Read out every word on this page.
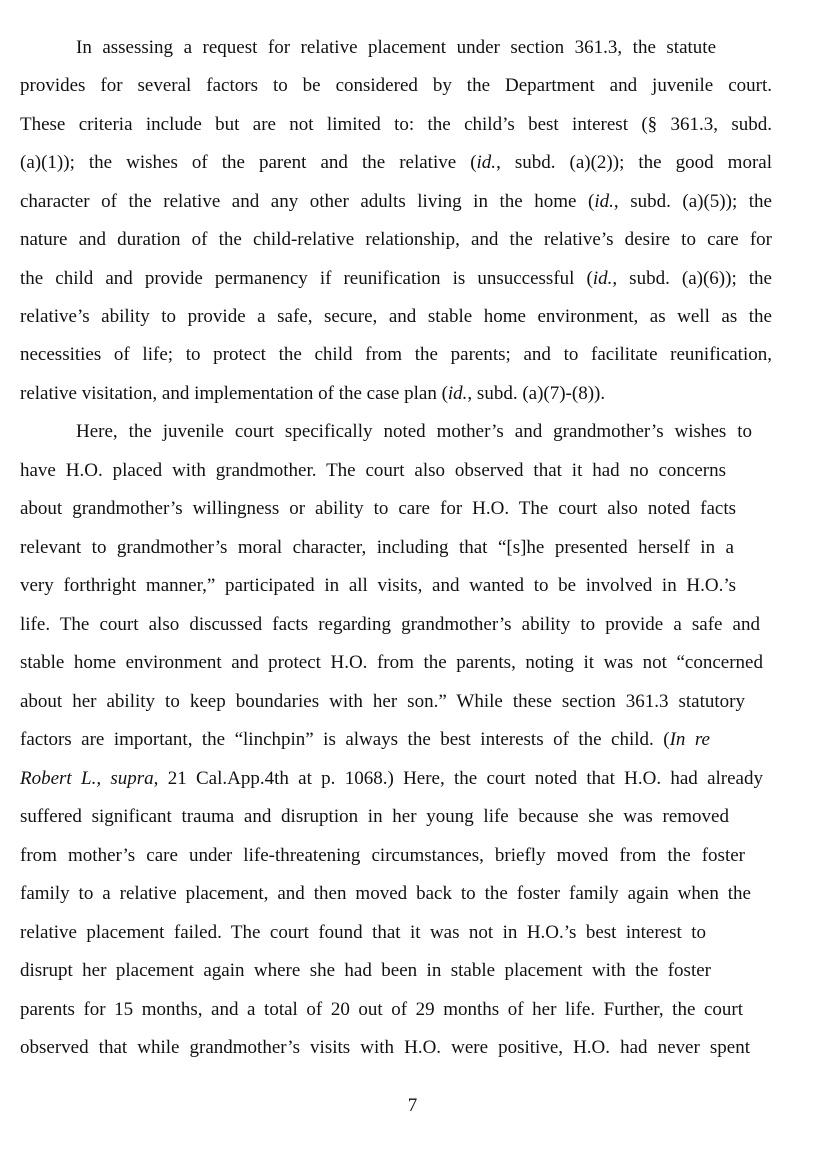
In assessing a request for relative placement under section 361.3, the statute
provides for several factors to be considered by the Department and juvenile court.
These criteria include but are not limited to: the child’s best interest (§ 361.3, subd.
(a)(1)); the wishes of the parent and the relative (id., subd. (a)(2)); the good moral
character of the relative and any other adults living in the home (id., subd. (a)(5)); the
nature and duration of the child-relative relationship, and the relative’s desire to care for
the child and provide permanency if reunification is unsuccessful (id., subd. (a)(6)); the
relative’s ability to provide a safe, secure, and stable home environment, as well as the
necessities of life; to protect the child from the parents; and to facilitate reunification,
relative visitation, and implementation of the case plan (id., subd. (a)(7)-(8)).
Here, the juvenile court specifically noted mother’s and grandmother’s wishes to
have H.O. placed with grandmother. The court also observed that it had no concerns
about grandmother’s willingness or ability to care for H.O. The court also noted facts
relevant to grandmother’s moral character, including that “[s]he presented herself in a
very forthright manner,” participated in all visits, and wanted to be involved in H.O.’s
life. The court also discussed facts regarding grandmother’s ability to provide a safe and
stable home environment and protect H.O. from the parents, noting it was not “concerned
about her ability to keep boundaries with her son.” While these section 361.3 statutory
factors are important, the “linchpin” is always the best interests of the child. (In re
Robert L., supra, 21 Cal.App.4th at p. 1068.) Here, the court noted that H.O. had already
suffered significant trauma and disruption in her young life because she was removed
from mother’s care under life-threatening circumstances, briefly moved from the foster
family to a relative placement, and then moved back to the foster family again when the
relative placement failed. The court found that it was not in H.O.’s best interest to
disrupt her placement again where she had been in stable placement with the foster
parents for 15 months, and a total of 20 out of 29 months of her life. Further, the court
observed that while grandmother’s visits with H.O. were positive, H.O. had never spent
7
